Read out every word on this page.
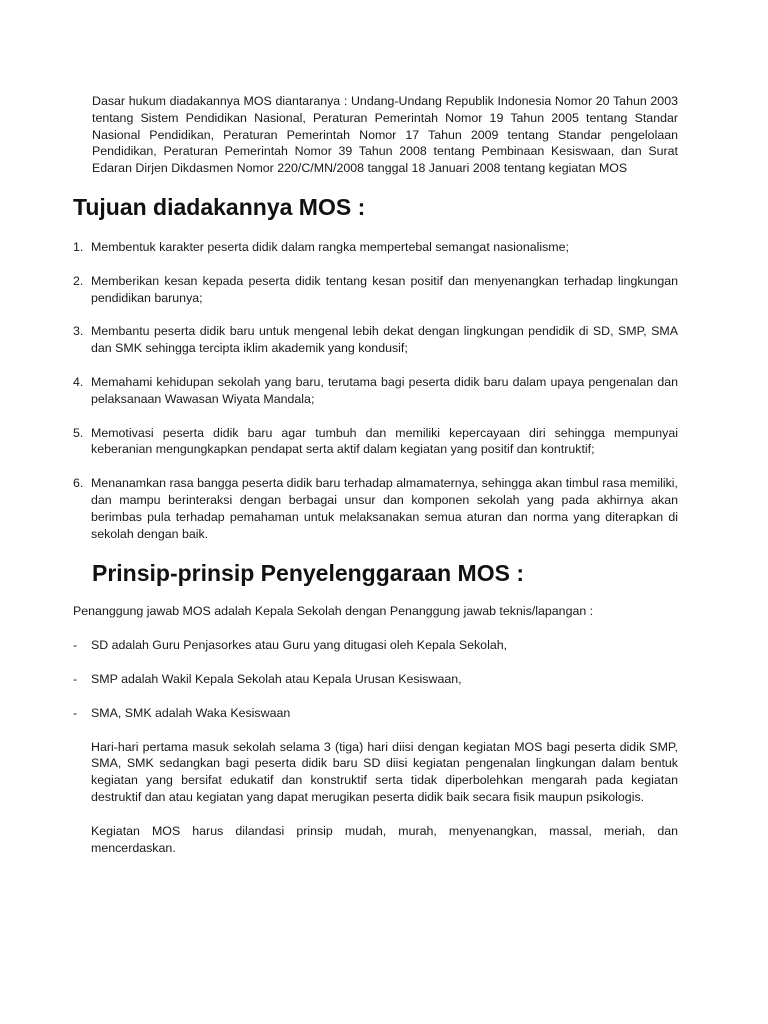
Dasar hukum diadakannya MOS diantaranya : Undang-Undang Republik Indonesia Nomor 20 Tahun 2003 tentang Sistem Pendidikan Nasional, Peraturan Pemerintah Nomor 19 Tahun 2005 tentang Standar Nasional Pendidikan, Peraturan Pemerintah Nomor 17 Tahun 2009 tentang Standar pengelolaan Pendidikan, Peraturan Pemerintah Nomor 39 Tahun 2008 tentang Pembinaan Kesiswaan, dan Surat Edaran Dirjen Dikdasmen Nomor 220/C/MN/2008 tanggal 18 Januari 2008 tentang kegiatan MOS

Tujuan diadakannya MOS :
1. Membentuk karakter peserta didik dalam rangka mempertebal semangat nasionalisme;
2. Memberikan kesan kepada peserta didik tentang kesan positif dan menyenangkan terhadap lingkungan pendidikan barunya;
3. Membantu peserta didik baru untuk mengenal lebih dekat dengan lingkungan pendidik di SD, SMP, SMA dan SMK sehingga tercipta iklim akademik yang kondusif;
4. Memahami kehidupan sekolah yang baru, terutama bagi peserta didik baru dalam upaya pengenalan dan pelaksanaan Wawasan Wiyata Mandala;
5. Memotivasi peserta didik baru agar tumbuh dan memiliki kepercayaan diri sehingga mempunyai keberanian mengungkapkan pendapat serta aktif dalam kegiatan yang positif dan kontruktif;
6. Menanamkan rasa bangga peserta didik baru terhadap almamaternya, sehingga akan timbul rasa memiliki, dan mampu berinteraksi dengan berbagai unsur dan komponen sekolah yang pada akhirnya akan berimbas pula terhadap pemahaman untuk melaksanakan semua aturan dan norma yang diterapkan di sekolah dengan baik.
Prinsip-prinsip Penyelenggaraan MOS :

Penanggung jawab MOS adalah Kepala Sekolah dengan Penanggung jawab teknis/lapangan :

-	SD adalah Guru Penjasorkes atau Guru yang ditugasi oleh Kepala Sekolah,
-	SMP adalah Wakil Kepala Sekolah atau Kepala Urusan Kesiswaan,
-	SMA, SMK adalah Waka Kesiswaan

Hari-hari pertama masuk sekolah selama 3 (tiga) hari diisi dengan kegiatan MOS bagi peserta didik SMP, SMA, SMK sedangkan bagi peserta didik baru SD diisi kegiatan pengenalan lingkungan dalam bentuk kegiatan yang bersifat edukatif dan konstruktif serta tidak diperbolehkan mengarah pada kegiatan destruktif dan atau kegiatan yang dapat merugikan peserta didik baik secara fisik maupun psikologis.

Kegiatan MOS harus dilandasi prinsip mudah, murah, menyenangkan, massal, meriah, dan mencerdaskan.
